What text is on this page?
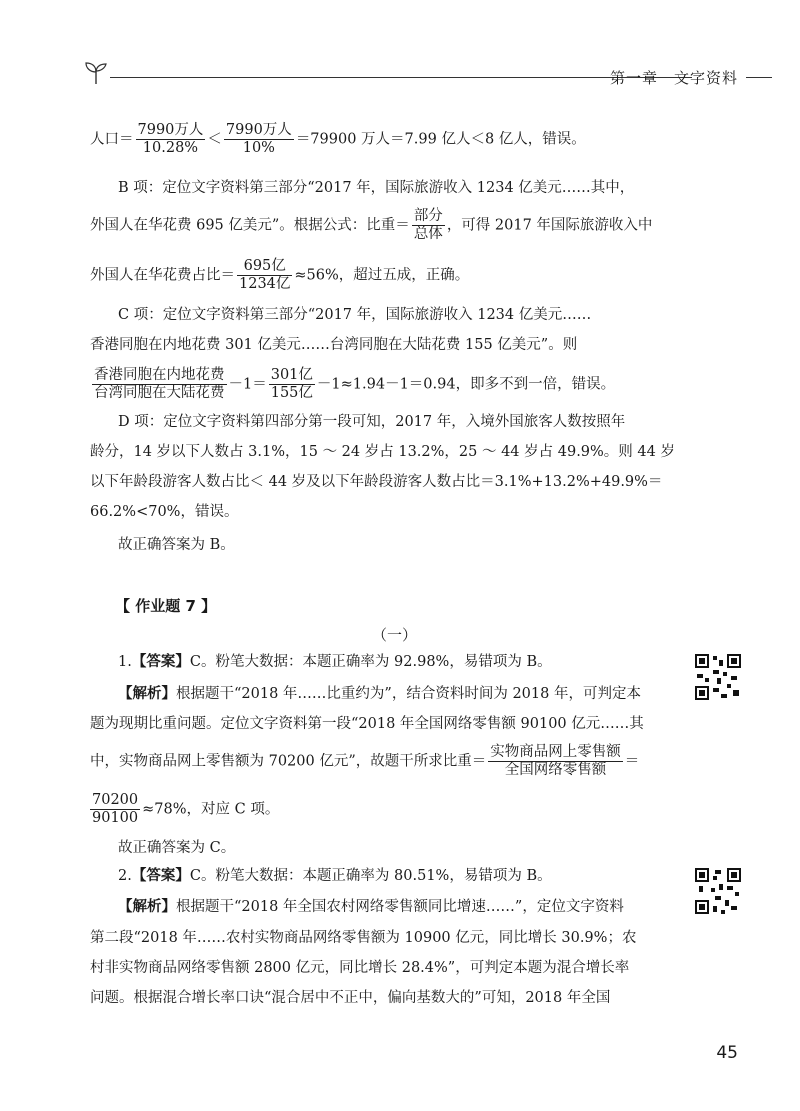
第一章　文字资料
人口＝ $\frac{\text{7990万人}}{10.28\%} < \frac{\text{7990万人}}{10\%} =79900$ 万人＝7.99 亿人＜8 亿人，错误。
B 项：定位文字资料第三部分“2017 年，国际旅游收入 1234 亿美元……其中，
外国人在华花费 695 亿美元”。根据公式：比重＝ $\frac{\text{部分}}{\text{总体}}$ ，可得 2017 年国际旅游收入中
外国人在华花费占比＝ $\frac{\text{695亿}}{\text{1234亿}} \approx 56\%$，超过五成，正确。
C 项：定位文字资料第三部分“2017 年，国际旅游收入 1234 亿美元……
香港同胞在内地花费 301 亿美元……台湾同胞在大陆花费 155 亿美元”。则
$\frac{\text{香港同胞在内地花费}}{\text{台湾同胞在大陆花费}} -1= \frac{\text{301亿}}{\text{155亿}} -1\approx 1.94-1=0.94$，即多不到一倍，错误。
D 项：定位文字资料第四部分第一段可知，2017 年，入境外国旅客人数按照年
龄分，14 岁以下人数占 3.1%，15 ～ 24 岁占 13.2%，25 ～ 44 岁占 49.9%。则 44 岁
以下年龄段游客人数占比＜ 44 岁及以下年龄段游客人数占比＝3.1%+13.2%+49.9%＝
66.2%<70%，错误。
故正确答案为 B。
【 作业题 7 】
（一）
1.【答案】C。粉笔大数据：本题正确率为 92.98%，易错项为 B。
【解析】根据题干“2018 年……比重约为”，结合资料时间为 2018 年，可判定本
题为现期比重问题。定位文字资料第一段“2018 年全国网络零售额 90100 亿元……其
中，实物商品网上零售额为 70200 亿元”，故题干所求比重＝ $\frac{\text{实物商品网上零售额}}{\text{全国网络零售额}}$ ＝
$\frac{70200}{90100} \approx 78\%$，对应 C 项。
故正确答案为 C。
2.【答案】C。粉笔大数据：本题正确率为 80.51%，易错项为 B。
【解析】根据题干“2018 年全国农村网络零售额同比增速……”，定位文字资料
第二段“2018 年……农村实物商品网络零售额为 10900 亿元，同比增长 30.9%；农
村非实物商品网络零售额 2800 亿元，同比增长 28.4%”，可判定本题为混合增长率
问题。根据混合增长率口诀“混合居中不正中，偏向基数大的”可知，2018 年全国
45
